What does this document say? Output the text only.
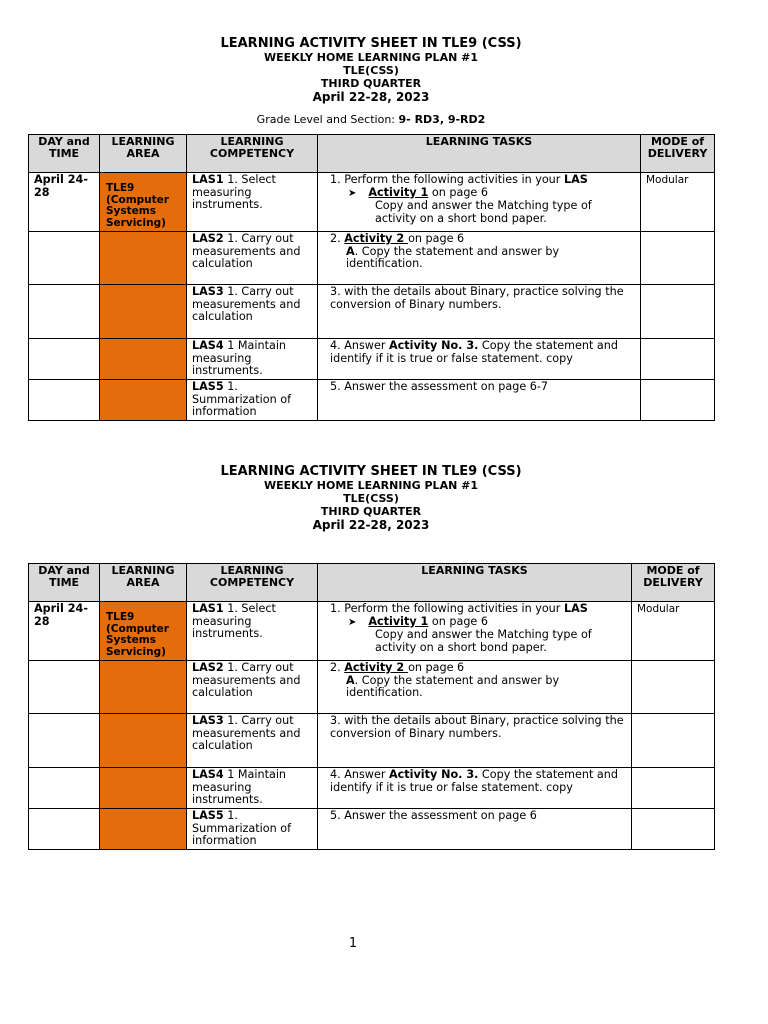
LEARNING ACTIVITY SHEET IN TLE9 (CSS)
WEEKLY HOME LEARNING PLAN #1
TLE(CSS)
THIRD QUARTER
April 22-28, 2023
Grade Level and Section: 9- RD3, 9-RD2
DAY and TIME	LEARNING AREA	LEARNING COMPETENCY	LEARNING TASKS	MODE of DELIVERY
April 24-28	TLE9 (Computer Systems Servicing)	LAS1 1. Select measuring instruments.	1. Perform the following activities in your LAS
➤ Activity 1 on page 6
Copy and answer the Matching type of activity on a short bond paper.	Modular
		LAS2 1. Carry out measurements and calculation	2. Activity 2 on page 6
A. Copy the statement and answer by identification.	

		LAS3 1. Carry out measurements and calculation	3. with the details about Binary, practice solving the conversion of Binary numbers.	
		LAS4 1 Maintain measuring instruments.	4. Answer Activity No. 3. Copy the statement and identify if it is true or false statement. copy	
		LAS5 1. Summarization of information	5. Answer the assessment on page 6-7	
LEARNING ACTIVITY SHEET IN TLE9 (CSS)
WEEKLY HOME LEARNING PLAN #1
TLE(CSS)
THIRD QUARTER
April 22-28, 2023
DAY and TIME	LEARNING AREA	LEARNING COMPETENCY	LEARNING TASKS	MODE of DELIVERY
April 24-28	TLE9 (Computer Systems Servicing)	LAS1 1. Select measuring instruments.	1. Perform the following activities in your LAS
➤ Activity 1 on page 6
Copy and answer the Matching type of activity on a short bond paper.	Modular
		LAS2 1. Carry out measurements and calculation	2. Activity 2 on page 6
A. Copy the statement and answer by identification.	

		LAS3 1. Carry out measurements and calculation	3. with the details about Binary, practice solving the conversion of Binary numbers.	
		LAS4 1 Maintain measuring instruments.	4. Answer Activity No. 3. Copy the statement and identify if it is true or false statement. copy	
		LAS5 1. Summarization of information	5. Answer the assessment on page 6	
1
